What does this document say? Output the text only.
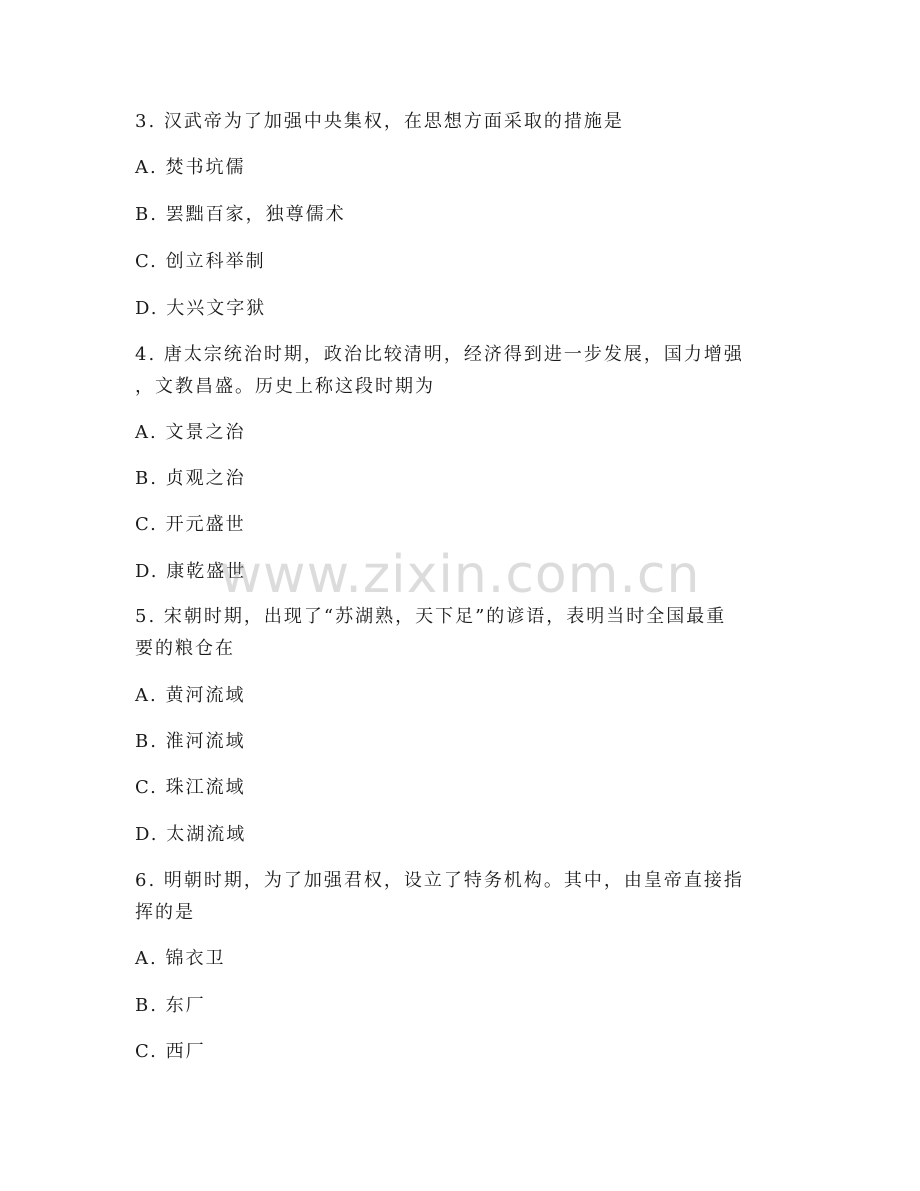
3. 汉武帝为了加强中央集权，在思想方面采取的措施是
A. 焚书坑儒
B. 罢黜百家，独尊儒术
C. 创立科举制
D. 大兴文字狱
4. 唐太宗统治时期，政治比较清明，经济得到进一步发展，国力增强
，文教昌盛。历史上称这段时期为
A. 文景之治
B. 贞观之治
C. 开元盛世
D. 康乾盛世
5. 宋朝时期，出现了“苏湖熟，天下足”的谚语，表明当时全国最重
要的粮仓在
A. 黄河流域
B. 淮河流域
C. 珠江流域
D. 太湖流域
6. 明朝时期，为了加强君权，设立了特务机构。其中，由皇帝直接指
挥的是
A. 锦衣卫
B. 东厂
C. 西厂
www.zixin.com.cn
